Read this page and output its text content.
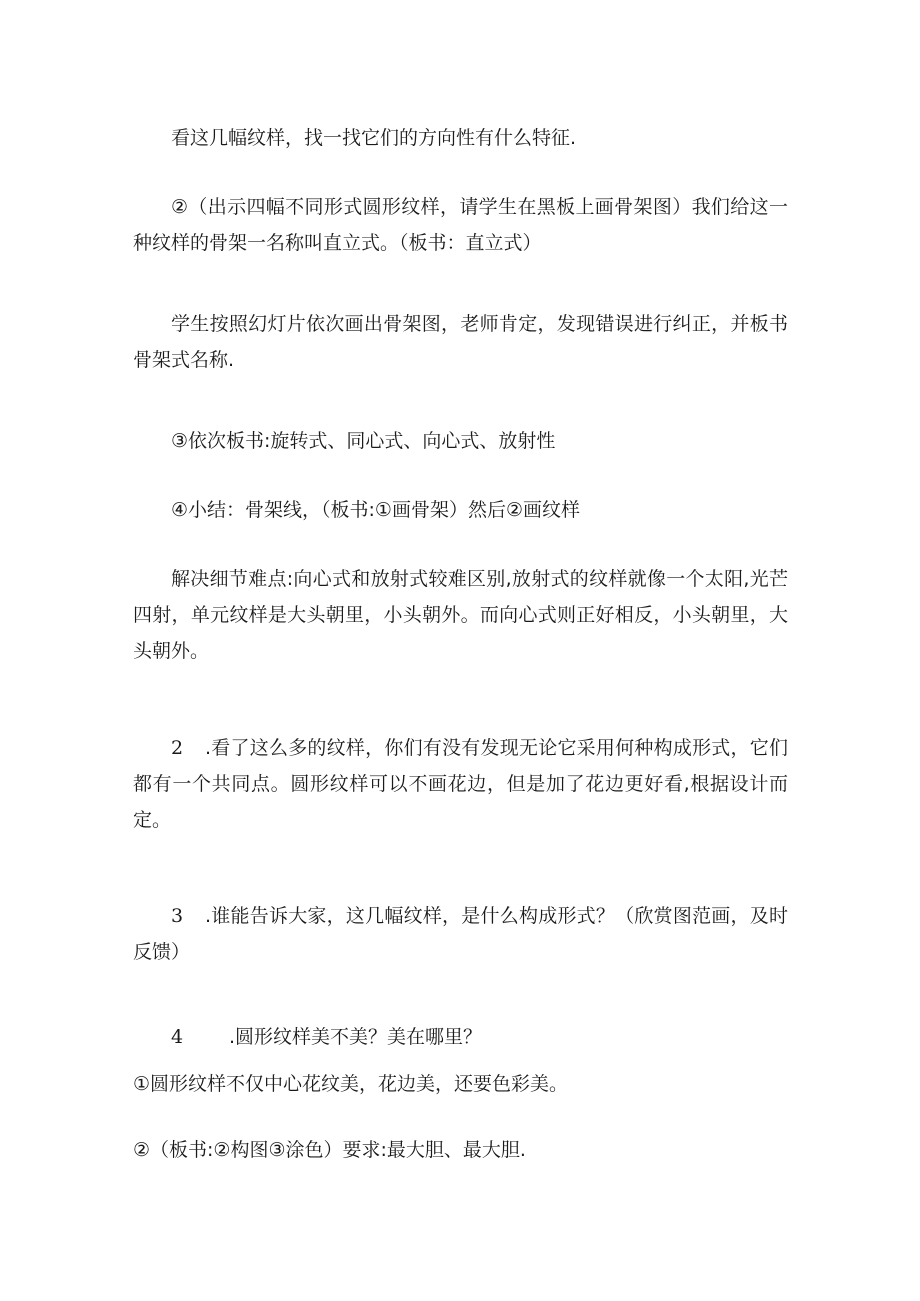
看这几幅纹样，找一找它们的方向性有什么特征.

②（出示四幅不同形式圆形纹样，请学生在黑板上画骨架图）我们给这一种纹样的骨架一名称叫直立式。（板书：直立式）

学生按照幻灯片依次画出骨架图，老师肯定，发现错误进行纠正，并板书骨架式名称.

③依次板书:旋转式、同心式、向心式、放射性

④小结：骨架线，（板书:①画骨架）然后②画纹样

解决细节难点:向心式和放射式较难区别,放射式的纹样就像一个太阳,光芒四射，单元纹样是大头朝里，小头朝外。而向心式则正好相反，小头朝里，大头朝外。

2 .看了这么多的纹样，你们有没有发现无论它采用何种构成形式，它们都有一个共同点。圆形纹样可以不画花边，但是加了花边更好看,根据设计而定。

3 .谁能告诉大家，这几幅纹样，是什么构成形式？（欣赏图范画，及时反馈）

4 .圆形纹样美不美？美在哪里？

①圆形纹样不仅中心花纹美，花边美，还要色彩美。

②（板书:②构图③涂色）要求:最大胆、最大胆.
